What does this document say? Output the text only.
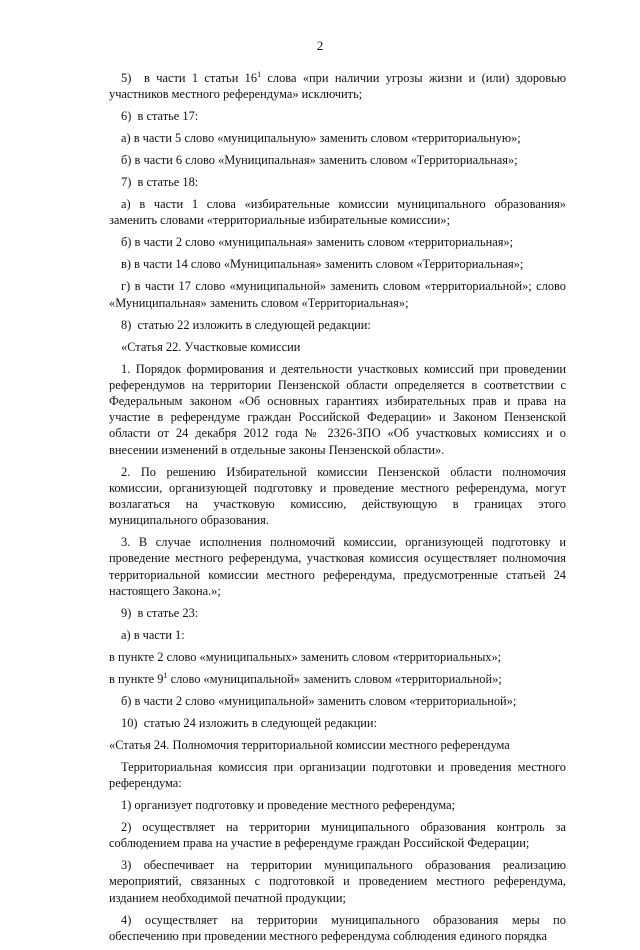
2

5)  в части 1 статьи $16^1$ слова «при наличии угрозы жизни и (или) здоровью участников местного референдума» исключить;

6)  в статье 17:

а) в части 5 слово «муниципальную» заменить словом «территориальную»;

б) в части 6 слово «Муниципальная» заменить словом «Территориальная»;

7)  в статье 18:

а) в части 1 слова «избирательные комиссии муниципального образования» заменить словами «территориальные избирательные комиссии»;

б) в части 2 слово «муниципальная» заменить словом «территориальная»;

в) в части 14 слово «Муниципальная» заменить словом «Территориальная»;

г) в части 17 слово «муниципальной» заменить словом «территориальной»; слово «Муниципальная» заменить словом «Территориальная»;

8)  статью 22 изложить в следующей редакции:

«Статья 22. Участковые комиссии

1. Порядок формирования и деятельности участковых комиссий при проведении референдумов на территории Пензенской области определяется в соответствии с Федеральным законом «Об основных гарантиях избирательных прав и права на участие в референдуме граждан Российской Федерации» и Законом Пензенской области от 24 декабря 2012 года № 2326-ЗПО «Об участковых комиссиях и о внесении изменений в отдельные законы Пензенской области».

2. По решению Избирательной комиссии Пензенской области полномочия комиссии, организующей подготовку и проведение местного референдума, могут возлагаться на участковую комиссию, действующую в границах этого муниципального образования.

3. В случае исполнения полномочий комиссии, организующей подготовку и проведение местного референдума, участковая комиссия осуществляет полномочия территориальной комиссии местного референдума, предусмотренные статьей 24 настоящего Закона.»;

9)  в статье 23:

а) в части 1:

в пункте 2 слово «муниципальных» заменить словом «территориальных»;

в пункте $9^1$ слово «муниципальной» заменить словом «территориальной»;

б) в части 2 слово «муниципальной» заменить словом «территориальной»;

10)  статью 24 изложить в следующей редакции:

«Статья 24. Полномочия территориальной комиссии местного референдума

Территориальная комиссия при организации подготовки и проведения местного референдума:

1) организует подготовку и проведение местного референдума;

2) осуществляет на территории муниципального образования контроль за соблюдением права на участие в референдуме граждан Российской Федерации;

3) обеспечивает на территории муниципального образования реализацию мероприятий, связанных с подготовкой и проведением местного референдума, изданием необходимой печатной продукции;

4) осуществляет на территории муниципального образования меры по обеспечению при проведении местного референдума соблюдения единого порядка
